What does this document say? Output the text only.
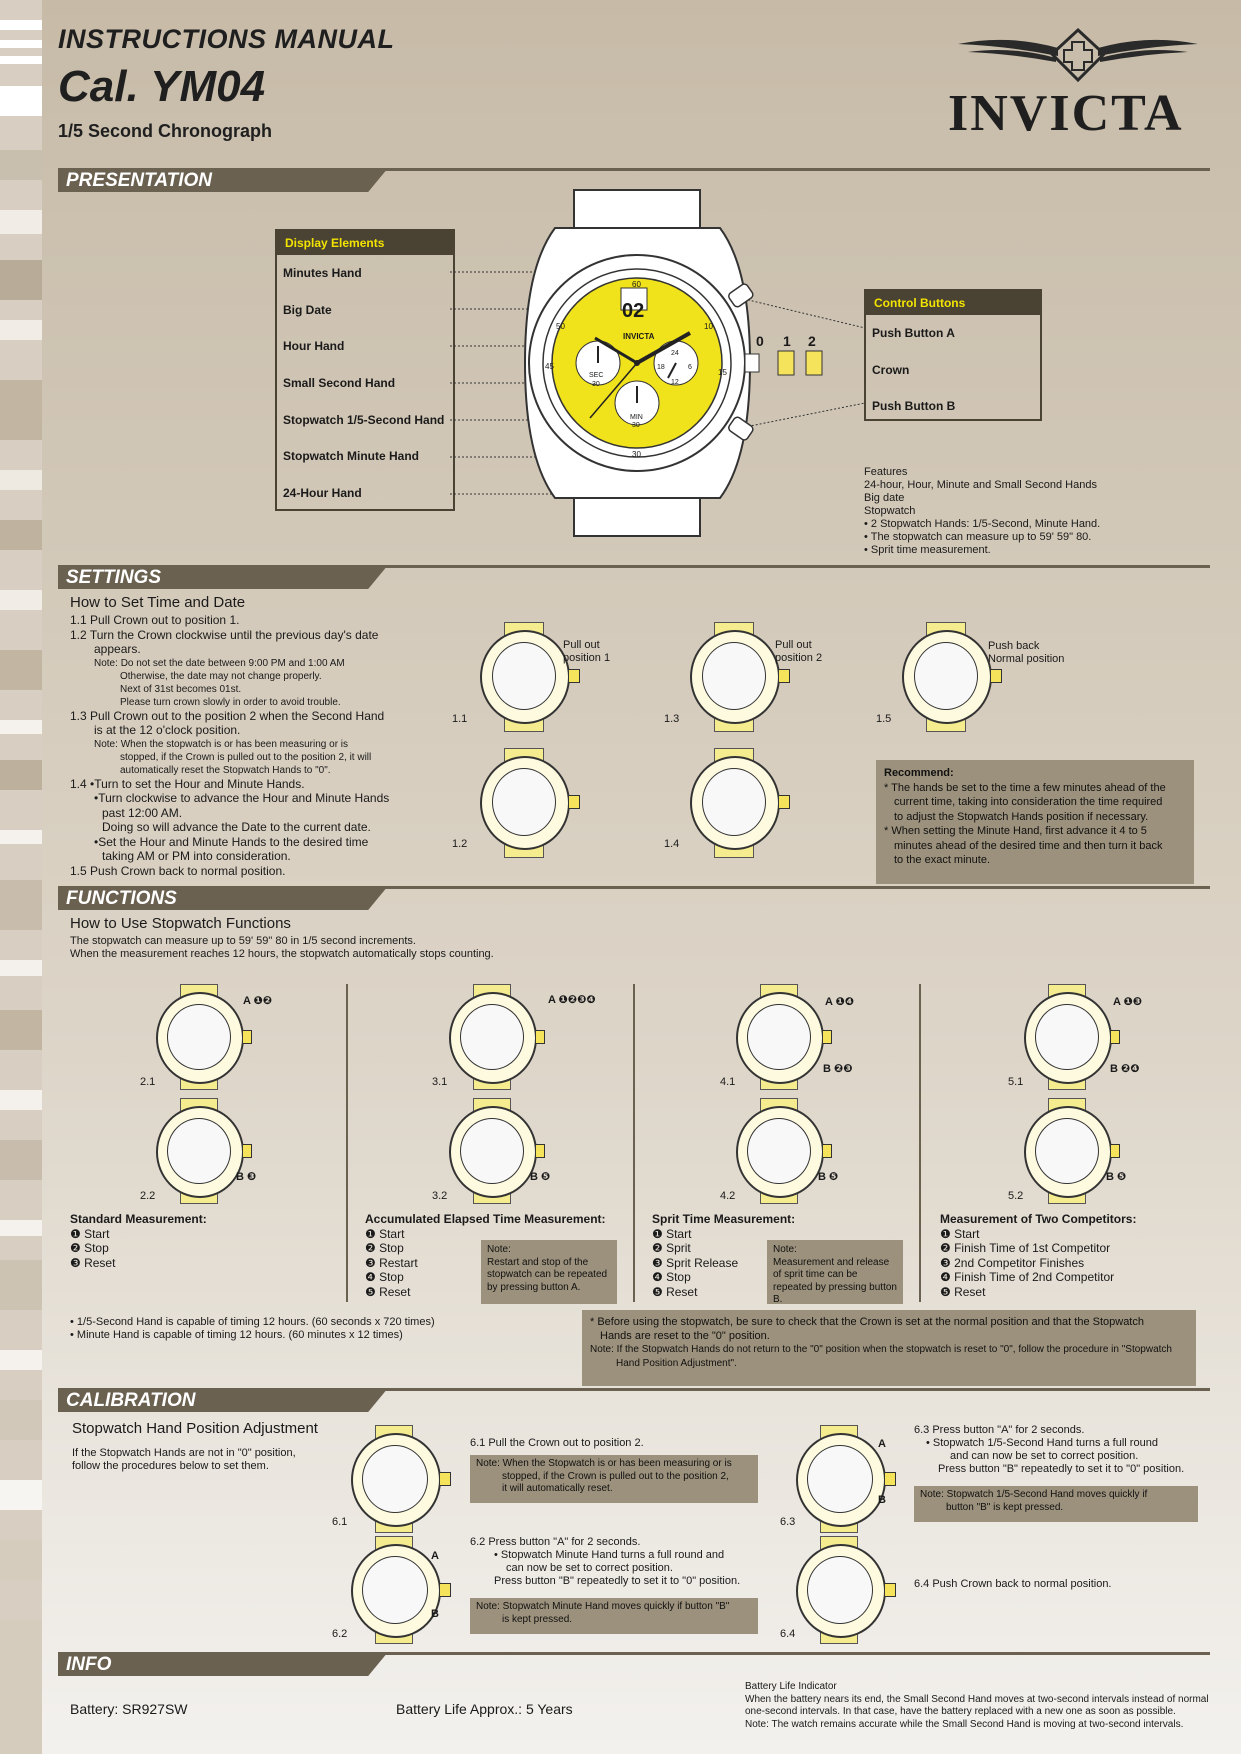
INSTRUCTIONS MANUAL
Cal. YM04
1/5 Second Chronograph	INVICTA
PRESENTATION
Display Elements
Minutes Hand
Big Date
Hour Hand
Small Second Hand
Stopwatch 1/5-Second Hand
Stopwatch Minute Hand
24-Hour Hand
02
INVICTA
60
15
30
45
50	10
SEC
30
MIN
30
24
18	6
12
0 1 2
Control Buttons
Push Button A
Crown
Push Button B
Features
24-hour, Hour, Minute and Small Second Hands
Big date
Stopwatch
• 2 Stopwatch Hands: 1/5-Second, Minute Hand.
• The stopwatch can measure up to 59' 59" 80.
• Sprit time measurement.
SETTINGS
How to Set Time and Date
1.1 Pull Crown out to position 1.
1.2 Turn the Crown clockwise until the previous day's date
appears.
Note: Do not set the date between 9:00 PM and 1:00 AM
Otherwise, the date may not change properly.
Next of 31st becomes 01st.
Please turn crown slowly in order to avoid trouble.
1.3 Pull Crown out to the position 2 when the Second Hand
is at the 12 o'clock position.
Note: When the stopwatch is or has been measuring or is
stopped, if the Crown is pulled out to the position 2, it will
automatically reset the Stopwatch Hands to "0".
1.4 •Turn to set the Hour and Minute Hands.
•Turn clockwise to advance the Hour and Minute Hands
past 12:00 AM.
Doing so will advance the Date to the current date.
•Set the Hour and Minute Hands to the desired time
taking AM or PM into consideration.
1.5 Push Crown back to normal position.
1.1
Pull out
position 1
1.2
1.3
Pull out
position 2
1.4
1.5
Push back
Normal position
Recommend:
* The hands be set to the time a few minutes ahead of the
current time, taking into consideration the time required
to adjust the Stopwatch Hands position if necessary.
* When setting the Minute Hand, first advance it 4 to 5
minutes ahead of the desired time and then turn it back
to the exact minute.
FUNCTIONS
How to Use Stopwatch Functions
The stopwatch can measure up to 59' 59" 80 in 1/5 second increments.
When the measurement reaches 12 hours, the stopwatch automatically stops counting.
2.1
A ❶❷
2.2
B ❸
3.1
A ❶❷❸❹
3.2
B ❺
4.1
A ❶❹
B ❷❸
4.2
B ❺
5.1
A ❶❸
B ❷❹
5.2
B ❺
Standard Measurement:
❶ Start
❷ Stop
❸ Reset
Accumulated Elapsed Time Measurement:
❶ Start
❷ Stop
❸ Restart
❹ Stop
❺ Reset
Note:
Restart and stop of the stopwatch can be repeated by pressing button A.
Sprit Time Measurement:
❶ Start
❷ Sprit
❸ Sprit Release
❹ Stop
❺ Reset
Note:
Measurement and release of sprit time can be repeated by pressing button B.
Measurement of Two Competitors:
❶ Start
❷ Finish Time of 1st Competitor
❸ 2nd Competitor Finishes
❹ Finish Time of 2nd Competitor
❺ Reset
• 1/5-Second Hand is capable of timing 12 hours. (60 seconds x 720 times)
• Minute Hand is capable of timing 12 hours. (60 minutes x 12 times)
* Before using the stopwatch, be sure to check that the Crown is set at the normal position and that the Stopwatch
Hands are reset to the "0" position.
Note: If the Stopwatch Hands do not return to the "0" position when the stopwatch is reset to "0", follow the procedure in "Stopwatch
Hand Position Adjustment".
CALIBRATION
Stopwatch Hand Position Adjustment
If the Stopwatch Hands are not in "0" position,
follow the procedures below to set them.
6.1
6.2
A
B
6.1 Pull the Crown out to position 2.
Note: When the Stopwatch is or has been measuring or is
stopped, if the Crown is pulled out to the position 2,
it will automatically reset.
6.2 Press button "A" for 2 seconds.
• Stopwatch Minute Hand turns a full round and
can now be set to correct position.
Press button "B" repeatedly to set it to "0" position.
Note: Stopwatch Minute Hand moves quickly if button "B"
is kept pressed.
6.3
A
B
6.4
6.3 Press button "A" for 2 seconds.
• Stopwatch 1/5-Second Hand turns a full round
and can now be set to correct position.
Press button "B" repeatedly to set it to "0" position.
Note: Stopwatch 1/5-Second Hand moves quickly if
button "B" is kept pressed.
6.4 Push Crown back to normal position.
INFO
Battery: SR927SW	Battery Life Approx.: 5 Years
Battery Life Indicator
When the battery nears its end, the Small Second Hand moves at two-second intervals instead of normal
one-second intervals. In that case, have the battery replaced with a new one as soon as possible.
Note: The watch remains accurate while the Small Second Hand is moving at two-second intervals.
